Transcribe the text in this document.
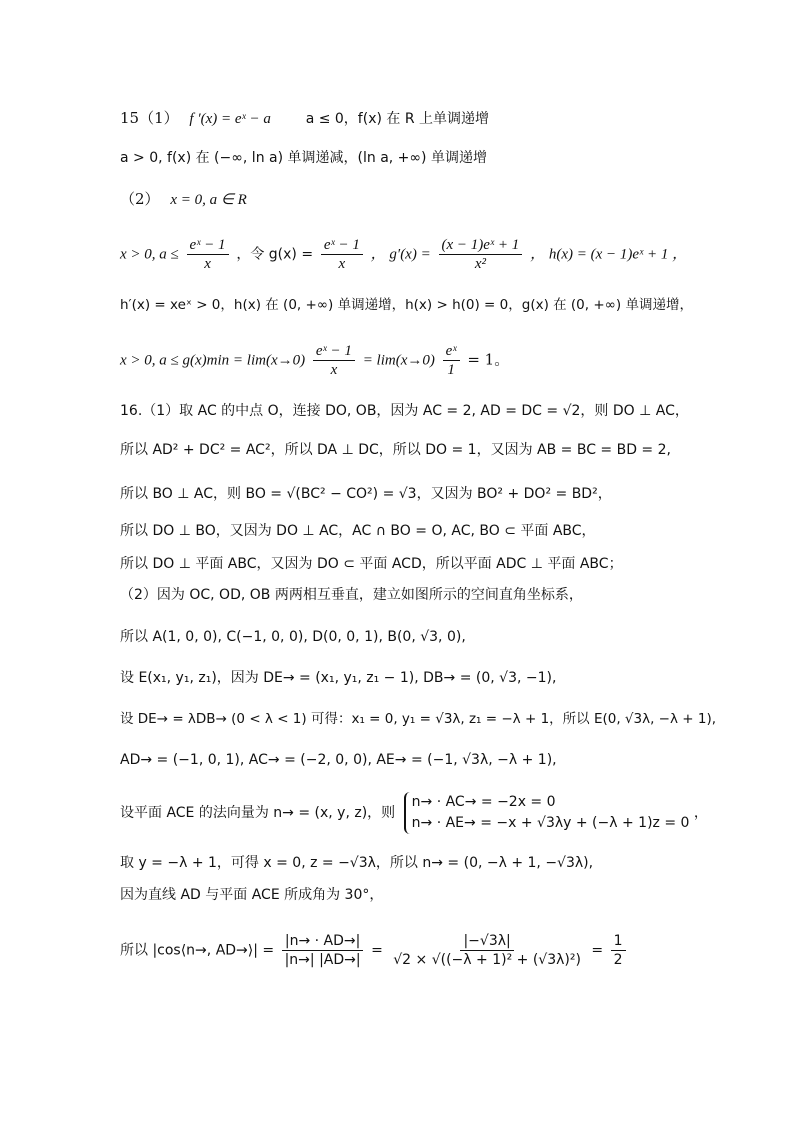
15（1） f ′(x) = eˣ − a a ≤ 0，f(x) 在 R 上单调递增
a > 0, f(x) 在 (−∞, ln a) 单调递减，(ln a, +∞) 单调递增
（2） x = 0, a ∈ R
x > 0, $a \le \frac{\text{eˣ − 1}}{x}$ ，令 $g(x) = \frac{\text{eˣ − 1}}{x}$ ， $g'(x) = \frac{\text{(x − 1)eˣ + 1}}{\text{x²}}$ ， h(x) = (x − 1)eˣ + 1 ，
h′(x) = xeˣ > 0，h(x) 在 (0, +∞) 单调递增，h(x) > h(0) = 0，g(x) 在 (0, +∞) 单调递增，
x > 0, $a \le g(x)\min = \lim(x\to 0) \frac{\text{eˣ − 1}}{x} = \lim(x\to 0) \frac{\text{eˣ}}{1} = 1$。
16.（1）取 AC 的中点 O，连接 DO, OB，因为 AC = 2, AD = DC = √2，则 DO ⊥ AC，
所以 AD² + DC² = AC²，所以 DA ⊥ DC，所以 DO = 1，又因为 AB = BC = BD = 2,
所以 BO ⊥ AC，则 BO = √(BC² − CO²) = √3，又因为 BO² + DO² = BD²，
所以 DO ⊥ BO，又因为 DO ⊥ AC，AC ∩ BO = O, AC, BO ⊂ 平面 ABC，
所以 DO ⊥ 平面 ABC，又因为 DO ⊂ 平面 ACD，所以平面 ADC ⊥ 平面 ABC；
（2）因为 OC, OD, OB 两两相互垂直，建立如图所示的空间直角坐标系，
所以 A(1, 0, 0), C(−1, 0, 0), D(0, 0, 1), B(0, √3, 0),
设 E(x₁, y₁, z₁)，因为 DE→ = (x₁, y₁, z₁ − 1), DB→ = (0, √3, −1),
设 DE→ = λDB→ (0 < λ < 1) 可得：x₁ = 0, y₁ = √3λ, z₁ = −λ + 1，所以 E(0, √3λ, −λ + 1),
AD→ = (−1, 0, 1), AC→ = (−2, 0, 0), AE→ = (−1, √3λ, −λ + 1),
设平面 ACE 的法向量为 n→ = (x, y, z)，则
n→ · AC→ = −2x = 0
n→ · AE→ = −x + √3λy + (−λ + 1)z = 0
，
取 y = −λ + 1，可得 x = 0, z = −√3λ，所以 n→ = (0, −λ + 1, −√3λ),
因为直线 AD 与平面 ACE 所成角为 30°，
所以 |cos⟨n→, AD→⟩| = $\frac{|n\to \cdot AD\to|}{|n\to| |AD\to|} = \frac{|-√3\lambda|}{\text{√2 × √((−λ + 1)² + (√3λ)²)}} = \frac{1}{2}$
